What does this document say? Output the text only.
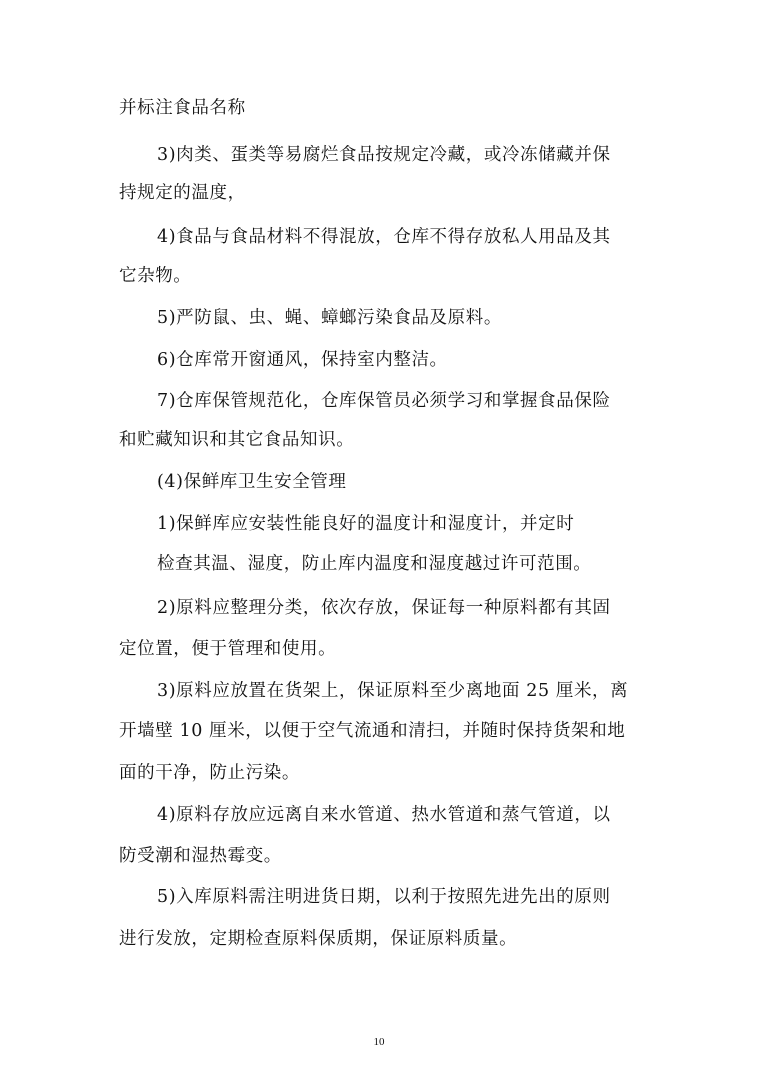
并标注食品名称
3)肉类、蛋类等易腐烂食品按规定冷藏，或冷冻储藏并保
持规定的温度，
4)食品与食品材料不得混放，仓库不得存放私人用品及其
它杂物。
5)严防鼠、虫、蝇、蟑螂污染食品及原料。
6)仓库常开窗通风，保持室内整洁。
7)仓库保管规范化，仓库保管员必须学习和掌握食品保险
和贮藏知识和其它食品知识。
(4)保鲜库卫生安全管理
1)保鲜库应安装性能良好的温度计和湿度计，并定时
检查其温、湿度，防止库内温度和湿度越过许可范围。
2)原料应整理分类，依次存放，保证每一种原料都有其固
定位置，便于管理和使用。
3)原料应放置在货架上，保证原料至少离地面 25 厘米，离
开墙壁 10 厘米，以便于空气流通和清扫，并随时保持货架和地
面的干净，防止污染。
4)原料存放应远离自来水管道、热水管道和蒸气管道，以
防受潮和湿热霉变。
5)入库原料需注明进货日期，以利于按照先进先出的原则
进行发放，定期检查原料保质期，保证原料质量。
10
